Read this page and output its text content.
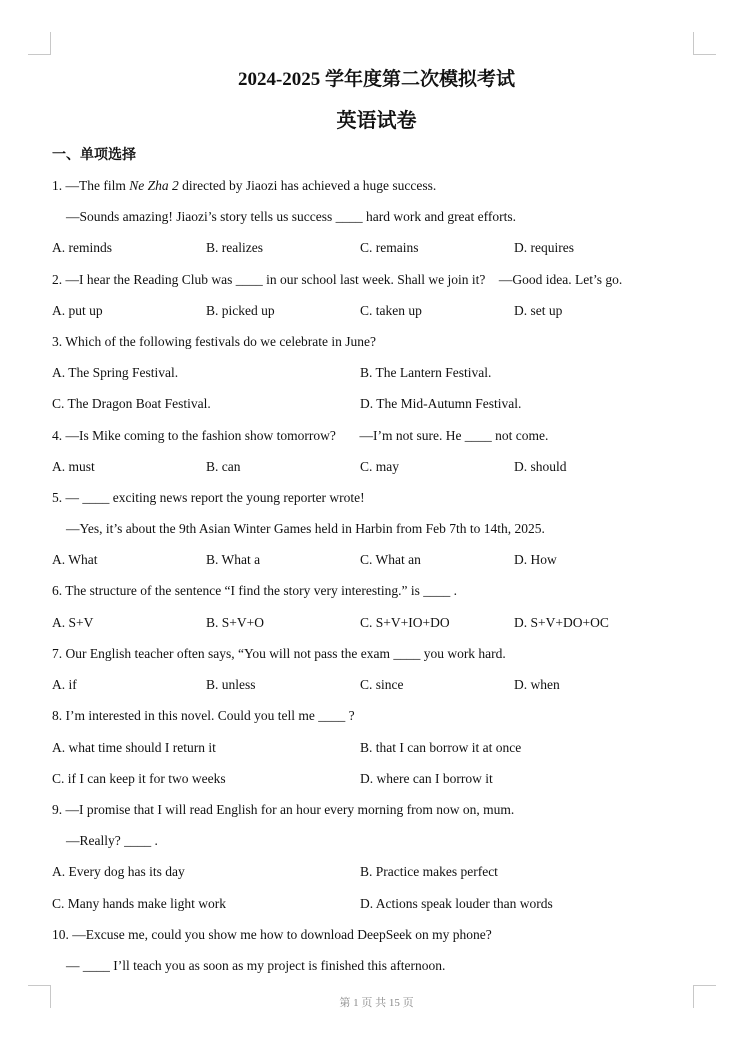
2024-2025 学年度第二次模拟考试
英语试卷
一、单项选择
1. —The film Ne Zha 2 directed by Jiaozi has achieved a huge success.
—Sounds amazing! Jiaozi’s story tells us success ____ hard work and great efforts.
A. reminds	B. realizes	C. remains	D. requires
2. —I hear the Reading Club was ____ in our school last week. Shall we join it?    —Good idea. Let’s go.
A. put up	B. picked up	C. taken up	D. set up
3. Which of the following festivals do we celebrate in June?
A. The Spring Festival.	B. The Lantern Festival.
C. The Dragon Boat Festival.	D. The Mid-Autumn Festival.
4. —Is Mike coming to the fashion show tomorrow?       —I’m not sure. He ____ not come.
A. must	B. can	C. may	D. should
5. — ____ exciting news report the young reporter wrote!
—Yes, it’s about the 9th Asian Winter Games held in Harbin from Feb 7th to 14th, 2025.
A. What	B. What a	C. What an	D. How
6. The structure of the sentence “I find the story very interesting.” is ____ .
A. S+V	B. S+V+O	C. S+V+IO+DO	D. S+V+DO+OC
7. Our English teacher often says, “You will not pass the exam ____ you work hard.
A. if	B. unless	C. since	D. when
8. I’m interested in this novel. Could you tell me ____ ?
A. what time should I return it	B. that I can borrow it at once
C. if I can keep it for two weeks	D. where can I borrow it
9. —I promise that I will read English for an hour every morning from now on, mum.
—Really? ____ .
A. Every dog has its day	B. Practice makes perfect
C. Many hands make light work	D. Actions speak louder than words
10. —Excuse me, could you show me how to download DeepSeek on my phone?
— ____ I’ll teach you as soon as my project is finished this afternoon.
第 1 页 共 15 页
